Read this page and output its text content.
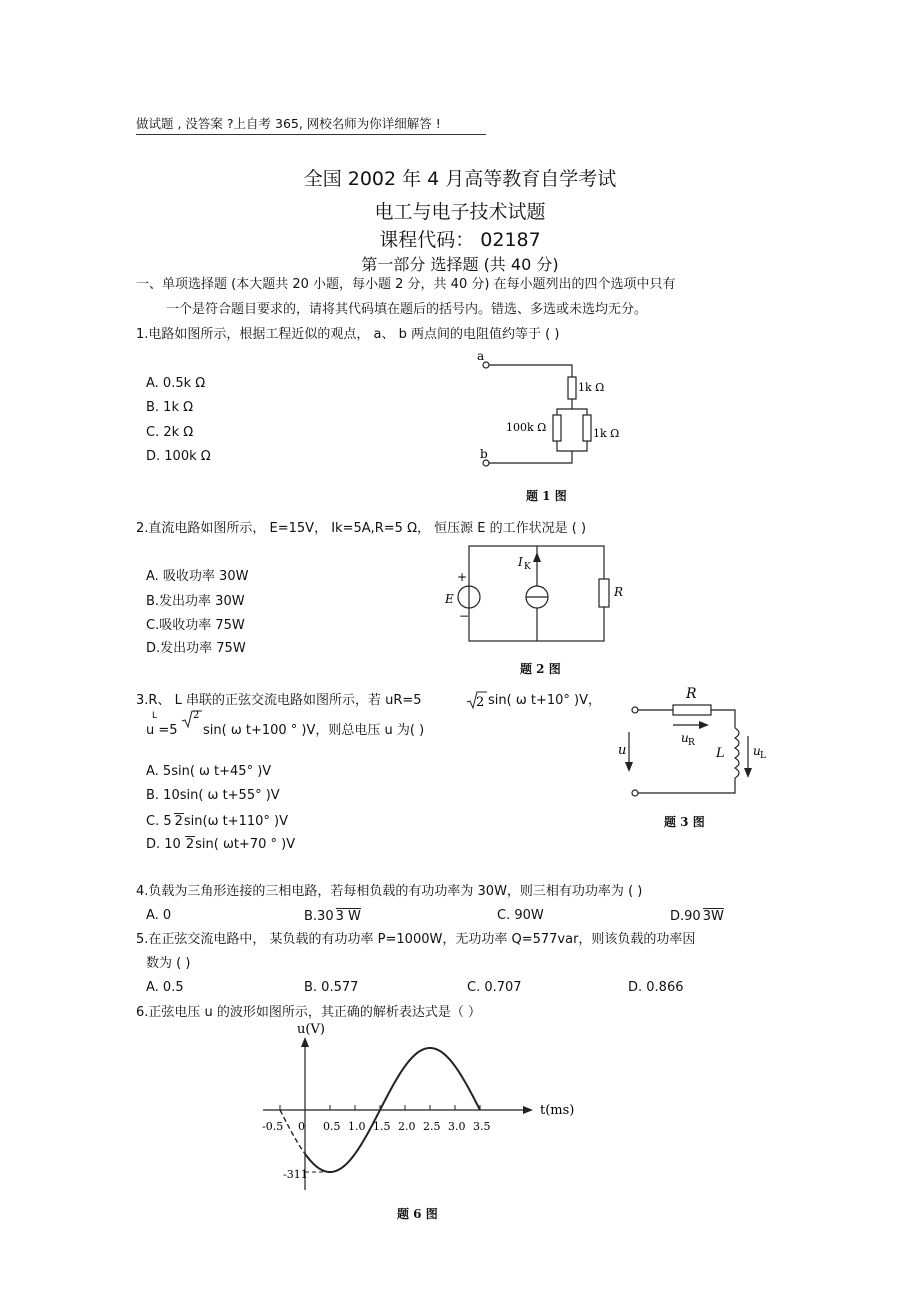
做试题 , 没答案 ?上自考 365, 网校名师为你详细解答 !
全国 2002 年 4 月高等教育自学考试
电工与电子技术试题
课程代码： 02187
第一部分 选择题 (共 40 分)
一、单项选择题 (本大题共 20 小题，每小题 2 分，共 40 分) 在每小题列出的四个选项中只有
一个是符合题目要求的，请将其代码填在题后的括号内。错选、多选或未选均无分。
1.电路如图所示，根据工程近似的观点， a、 b 两点间的电阻值约等于 ( )
A. 0.5k Ω
B. 1k Ω
C. 2k Ω
D. 100k Ω
a
b
1k Ω
100k Ω	1k Ω
题 1 图
2.直流电路如图所示， E=15V， Ik=5A,R=5 Ω， 恒压源 E 的工作状况是 ( )
A. 吸收功率 30W
B.发出功率 30W
C.吸收功率 75W
D.发出功率 75W
+
−
E
I K
R
题 2 图
3.R、 L 串联的正弦交流电路如图所示，若 uR=5	2 sin( ω t+10° )V，
L
u =5
2
sin( ω t+100 ° )V，则总电压 u 为( )
A. 5sin( ω t+45° )V
B. 10sin( ω t+55° )V
C. 5 2sin(ω t+110° )V
D. 10 2sin( ωt+70 ° )V
R
u
u R
L u L
题 3 图
4.负载为三角形连接的三相电路，若每相负载的有功功率为 30W，则三相有功功率为 ( )
A. 0	B.30 3 W	C. 90W	D.90 3W
5.在正弦交流电路中， 某负载的有功功率 P=1000W，无功功率 Q=577var，则该负载的功率因
数为 ( )
A. 0.5	B. 0.577	C. 0.707	D. 0.866
6.正弦电压 u 的波形如图所示，其正确的解析表达式是（ ）
-0.5 0 0.5 1.0 1.5 2.0 2.5 3.0 3.5
u(V)
t(ms)
-311
题 6 图
